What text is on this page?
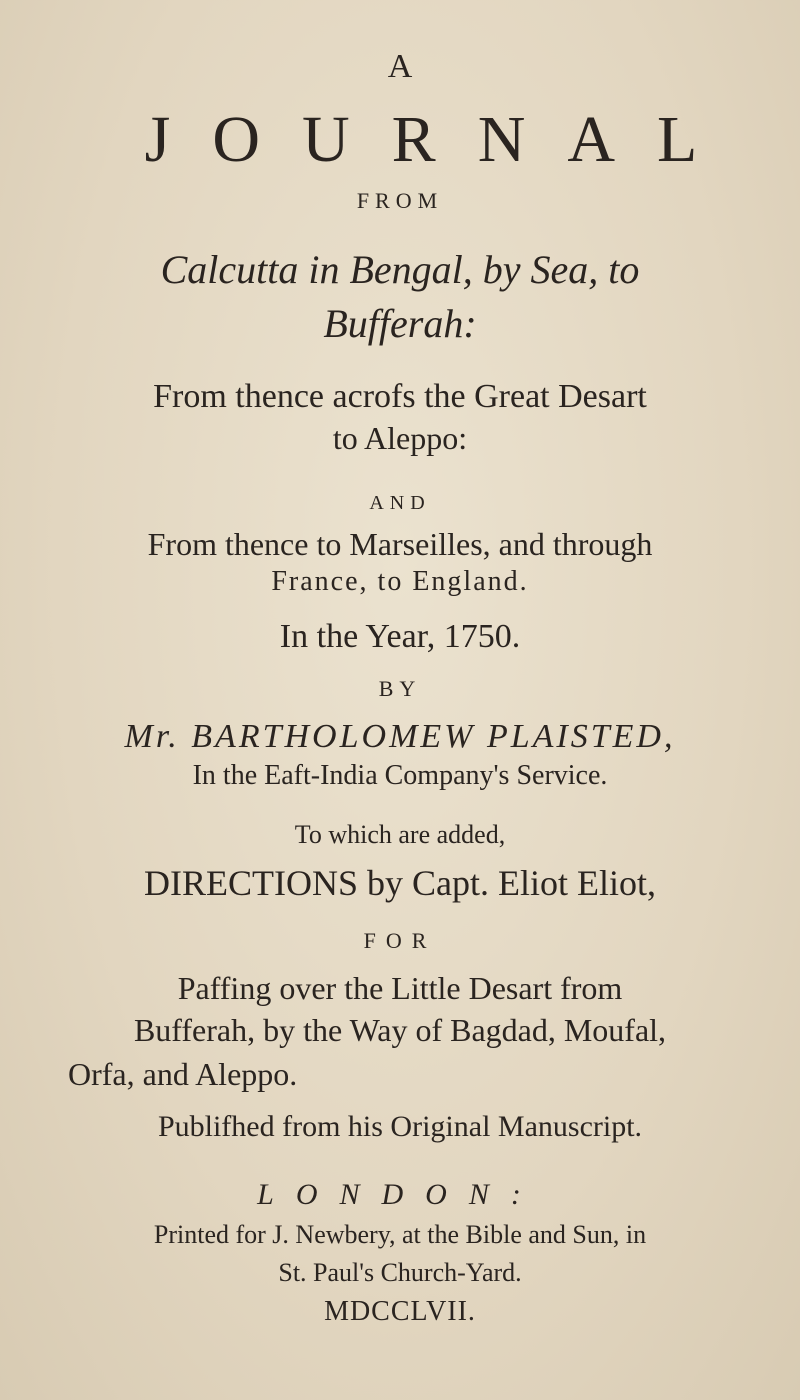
A
JOURNAL
FROM
Calcutta in Bengal, by Sea, to
Bufferah:
From thence acrofs the Great Desart
to Aleppo:
AND
From thence to Marseilles, and through
France, to England.
In the Year, 1750.
BY
Mr. BARTHOLOMEW PLAISTED,
In the Eaft-India Company's Service.
To which are added,
DIRECTIONS by Capt. Eliot Eliot,
FOR
Paffing over the Little Desart from
Bufferah, by the Way of Bagdad, Moufal,
Orfa, and Aleppo.
Publifhed from his Original Manuscript.
LONDON:
Printed for J. Newbery, at the Bible and Sun, in
St. Paul's Church-Yard.
MDCCLVII.
